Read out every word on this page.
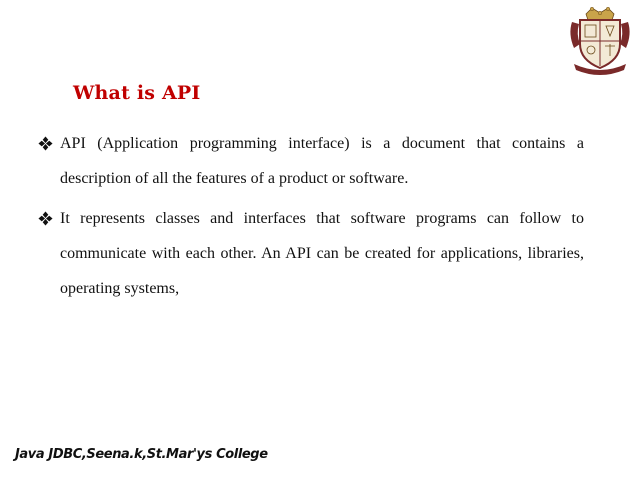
What is API
API (Application programming interface) is a document that contains a description of all the features of a product or software.
It represents classes and interfaces that software programs can follow to communicate with each other. An API can be created for applications, libraries, operating systems,
Java JDBC,Seena.k,St.Mar'ys College
